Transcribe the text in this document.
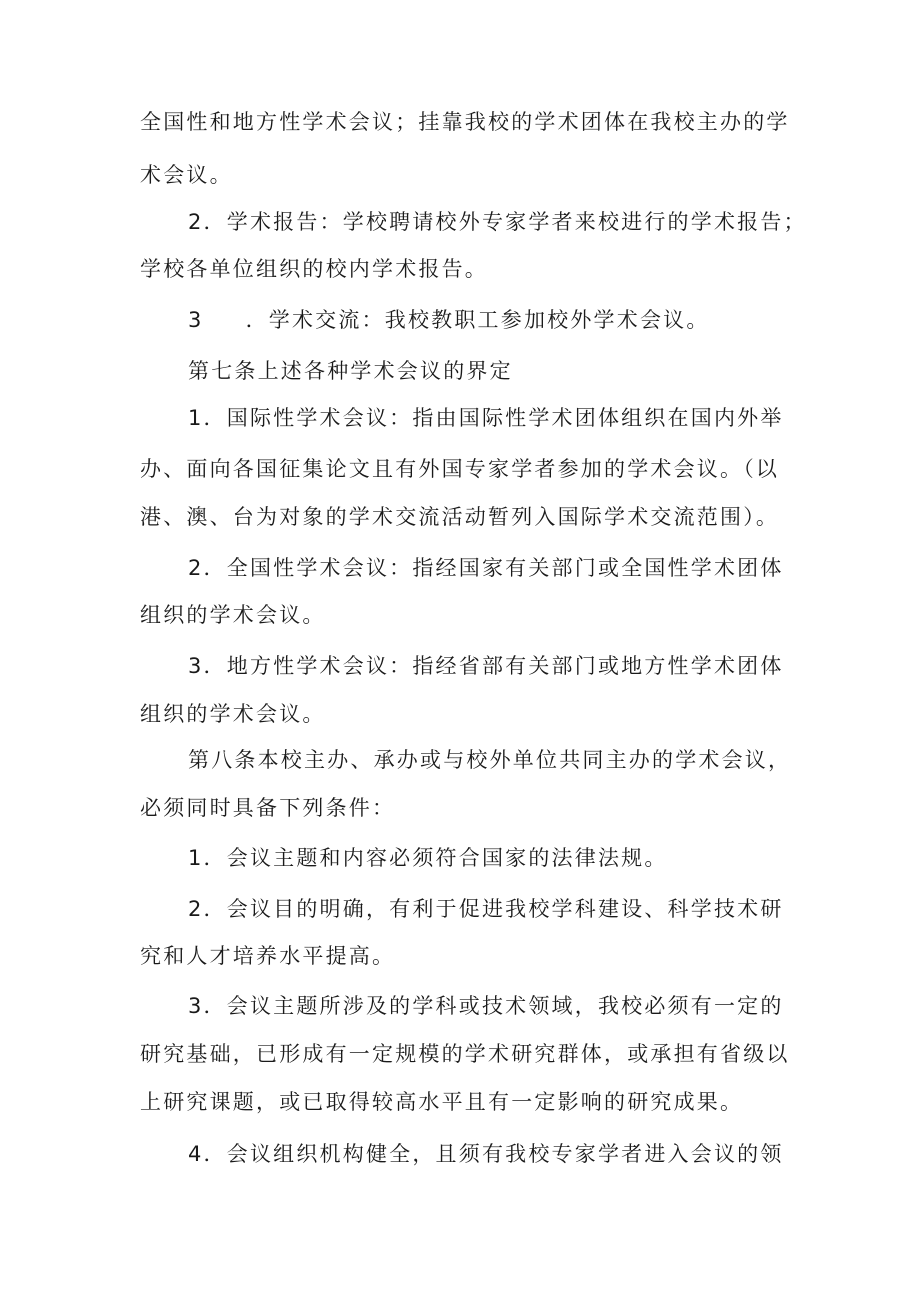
全国性和地方性学术会议；挂靠我校的学术团体在我校主办的学
术会议。
2．学术报告：学校聘请校外专家学者来校进行的学术报告；
学校各单位组织的校内学术报告。
3 ．学术交流：我校教职工参加校外学术会议。
第七条上述各种学术会议的界定
1．国际性学术会议：指由国际性学术团体组织在国内外举
办、面向各国征集论文且有外国专家学者参加的学术会议。（以
港、澳、台为对象的学术交流活动暂列入国际学术交流范围）。
2．全国性学术会议：指经国家有关部门或全国性学术团体
组织的学术会议。
3．地方性学术会议：指经省部有关部门或地方性学术团体
组织的学术会议。
第八条本校主办、承办或与校外单位共同主办的学术会议，
必须同时具备下列条件：
1．会议主题和内容必须符合国家的法律法规。
2．会议目的明确，有利于促进我校学科建设、科学技术研
究和人才培养水平提高。
3．会议主题所涉及的学科或技术领域，我校必须有一定的
研究基础，已形成有一定规模的学术研究群体，或承担有省级以
上研究课题，或已取得较高水平且有一定影响的研究成果。
4．会议组织机构健全，且须有我校专家学者进入会议的领
